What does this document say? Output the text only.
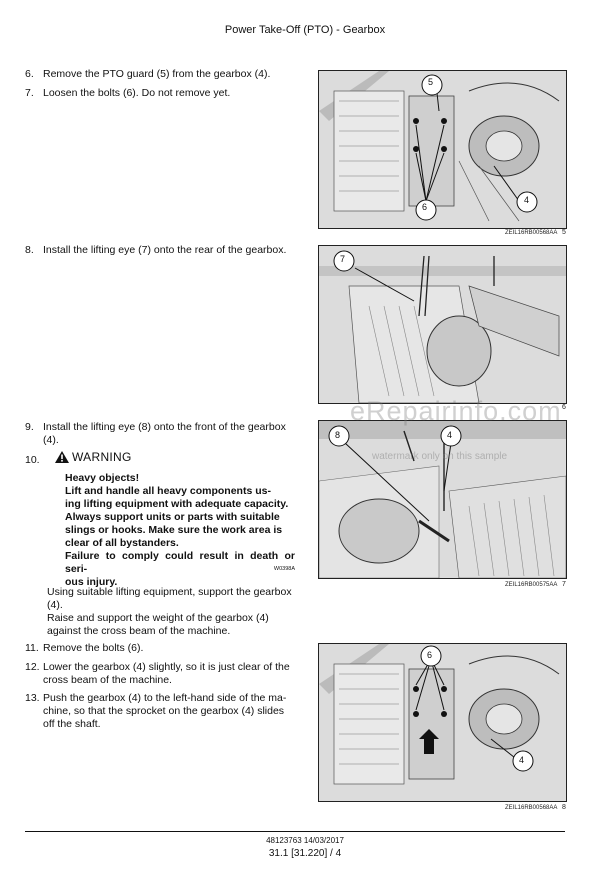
Power Take-Off (PTO) - Gearbox
6. Remove the PTO guard (5) from the gearbox (4).
7. Loosen the bolts (6). Do not remove yet.
5
6
4
ZEIL16RB00568AA 5
8. Install the lifting eye (7) onto the rear of the gearbox.
7
6
9. Install the lifting eye (8) onto the front of the gearbox
(4).
10.	WARNING
Heavy objects!
Lift and handle all heavy components us-
ing lifting equipment with adequate capacity.
Always support units or parts with suitable
slings or hooks. Make sure the work area is
clear of all bystanders.
Failure to comply could result in death or seri-
ous injury.
W0398A
Using suitable lifting equipment, support the gearbox
(4).
Raise and support the weight of the gearbox (4)
against the cross beam of the machine.
8	4
ZEIL16RB00575AA 7
eRepairinfo.com
watermark only on this sample
11. Remove the bolts (6).
12. Lower the gearbox (4) slightly, so it is just clear of the
cross beam of the machine.
13. Push the gearbox (4) to the left-hand side of the ma-
chine, so that the sprocket on the gearbox (4) slides
off the shaft.
6
4
ZEIL16RB00568AA 8
48123763 14/03/2017
31.1 [31.220] / 4
